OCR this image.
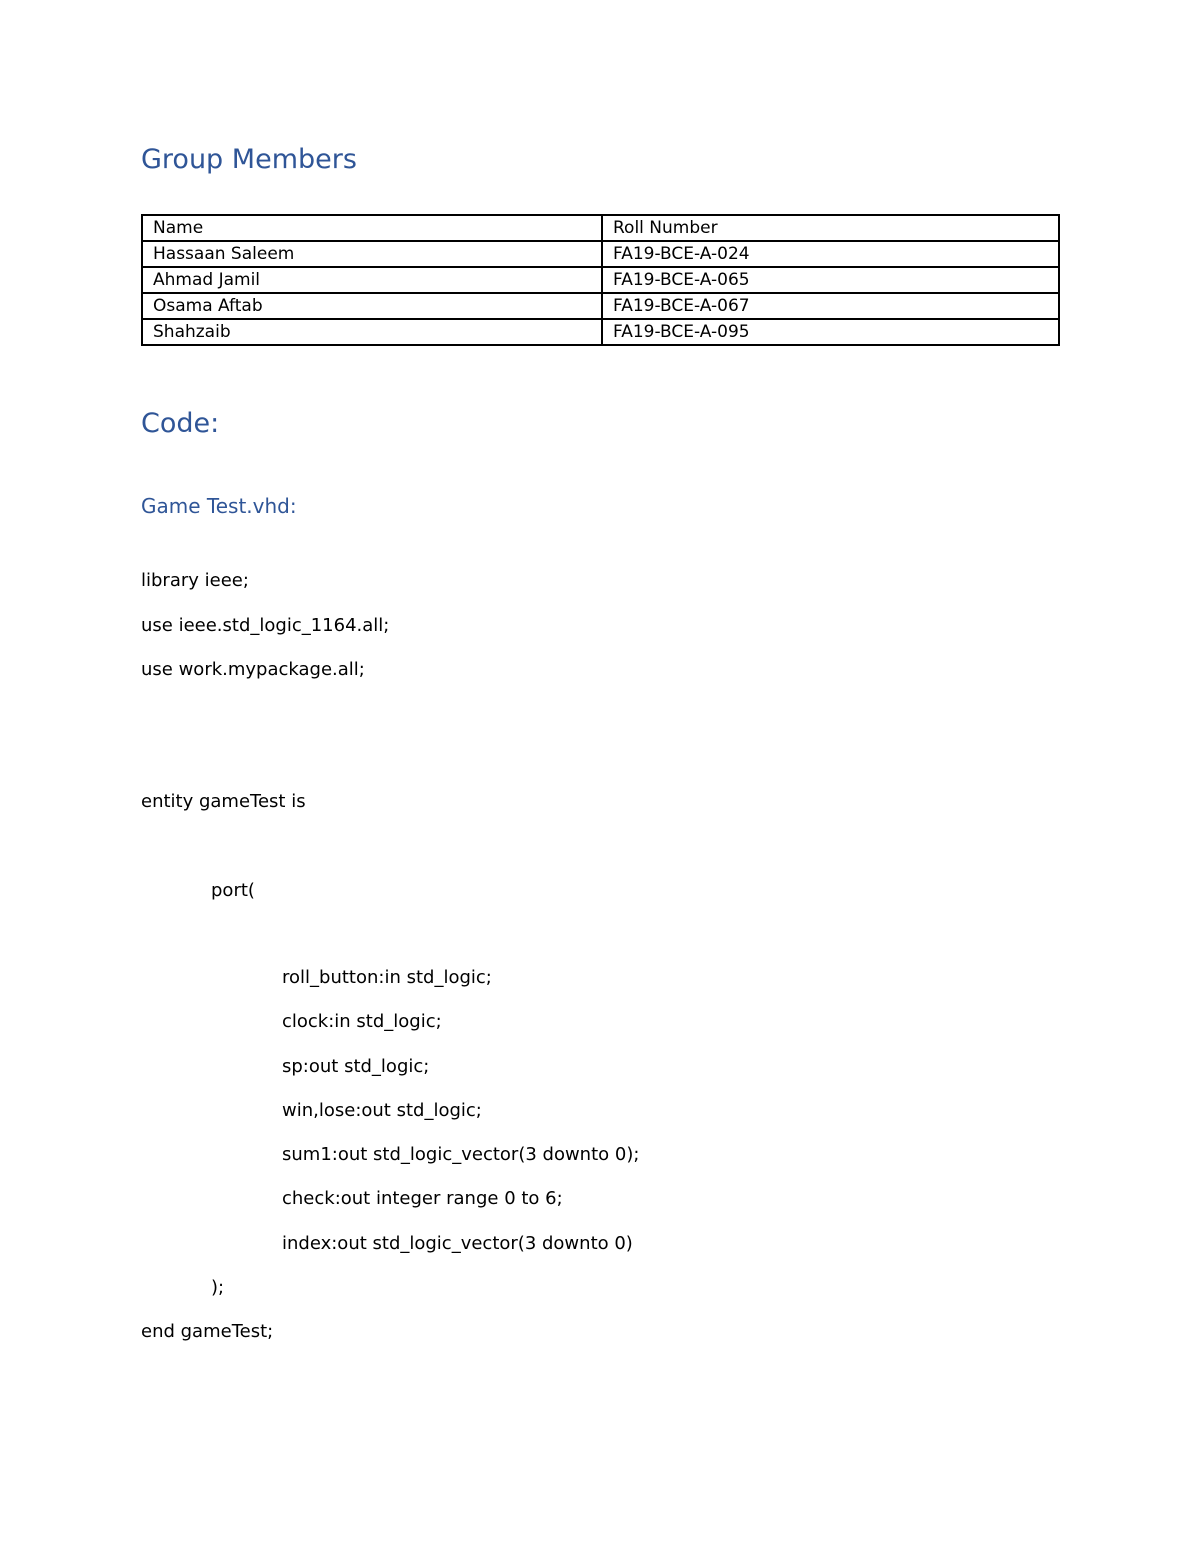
Group Members
Name	Roll Number
Hassaan Saleem	FA19-BCE-A-024
Ahmad Jamil	FA19-BCE-A-065
Osama Aftab	FA19-BCE-A-067
Shahzaib	FA19-BCE-A-095
Code:
Game Test.vhd:

library ieee;

use ieee.std_logic_1164.all;

use work.mypackage.all;

entity gameTest is

port(

roll_button:in std_logic;

clock:in std_logic;

sp:out std_logic;

win,lose:out std_logic;

sum1:out std_logic_vector(3 downto 0);

check:out integer range 0 to 6;

index:out std_logic_vector(3 downto 0)

);

end gameTest;
